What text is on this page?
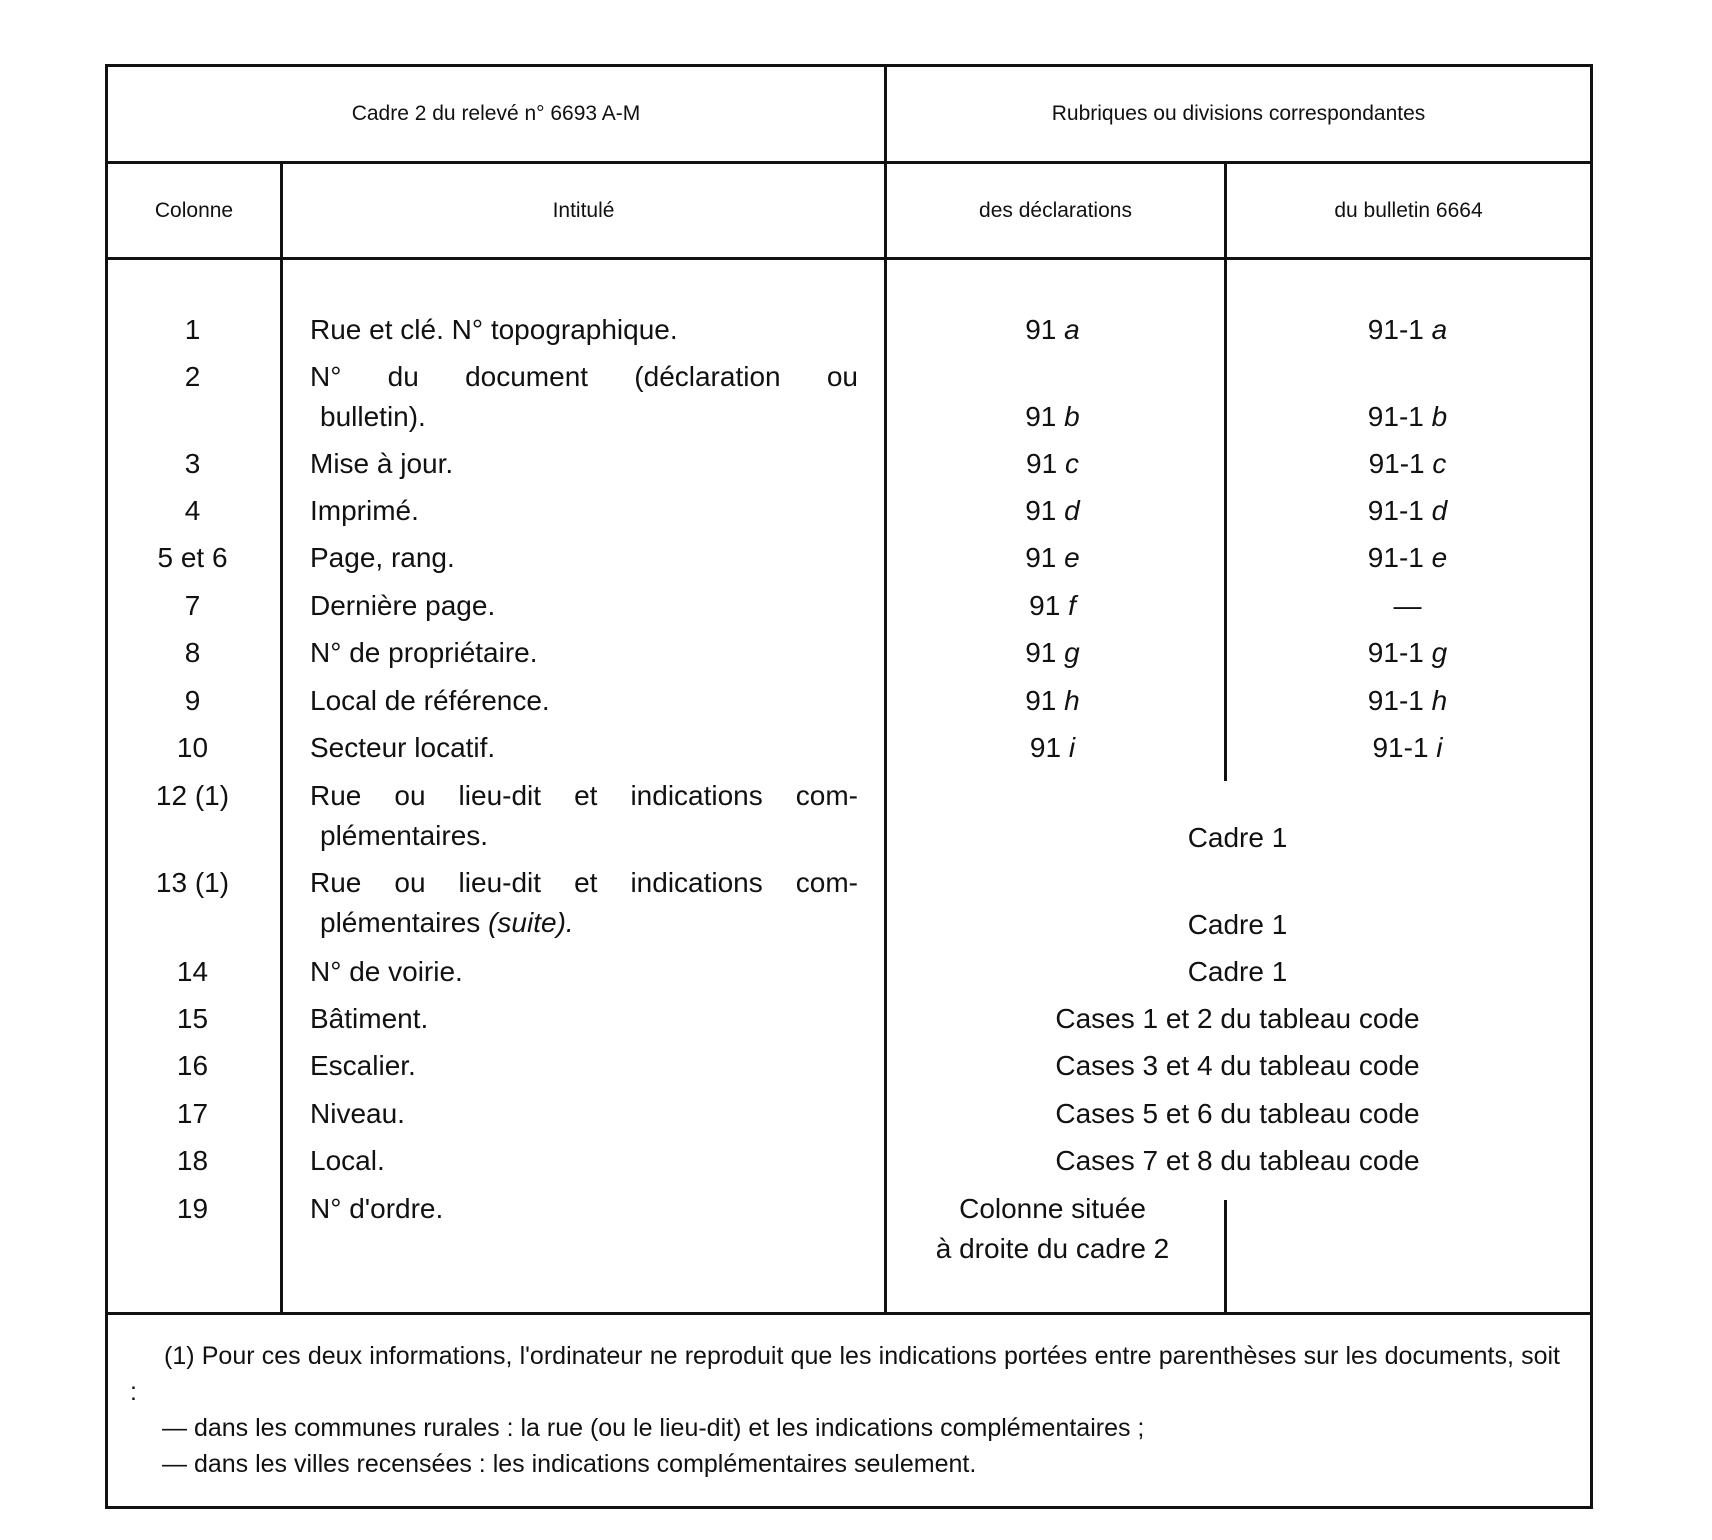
Cadre 2 du relevé n° 6693 A-M	Rubriques ou divisions correspondantes
Colonne	Intitulé	des déclarations	du bulletin 6664
1	Rue et clé. N° topographique.	91 a	91-1 a
2	N° du document (déclaration ou
bulletin).	91 b	91-1 b
3	Mise à jour.	91 c	91-1 c
4	Imprimé.	91 d	91-1 d
5 et 6	Page, rang.	91 e	91-1 e
7	Dernière page.	91 f	—
8	N° de propriétaire.	91 g	91-1 g
9	Local de référence.	91 h	91-1 h
10	Secteur locatif.	91 i	91-1 i
12 (1)	Rue ou lieu-dit et indications com-
plémentaires.	Cadre 1
13 (1)	Rue ou lieu-dit et indications com-
plémentaires (suite).	Cadre 1
14	N° de voirie.	Cadre 1
15	Bâtiment.	Cases 1 et 2 du tableau code
16	Escalier.	Cases 3 et 4 du tableau code
17	Niveau.	Cases 5 et 6 du tableau code
18	Local.	Cases 7 et 8 du tableau code
19	N° d'ordre.	Colonne située
à droite du cadre 2
(1) Pour ces deux informations, l'ordinateur ne reproduit que les indications portées entre parenthèses sur les documents, soit :
— dans les communes rurales : la rue (ou le lieu-dit) et les indications complémentaires ;
— dans les villes recensées : les indications complémentaires seulement.
